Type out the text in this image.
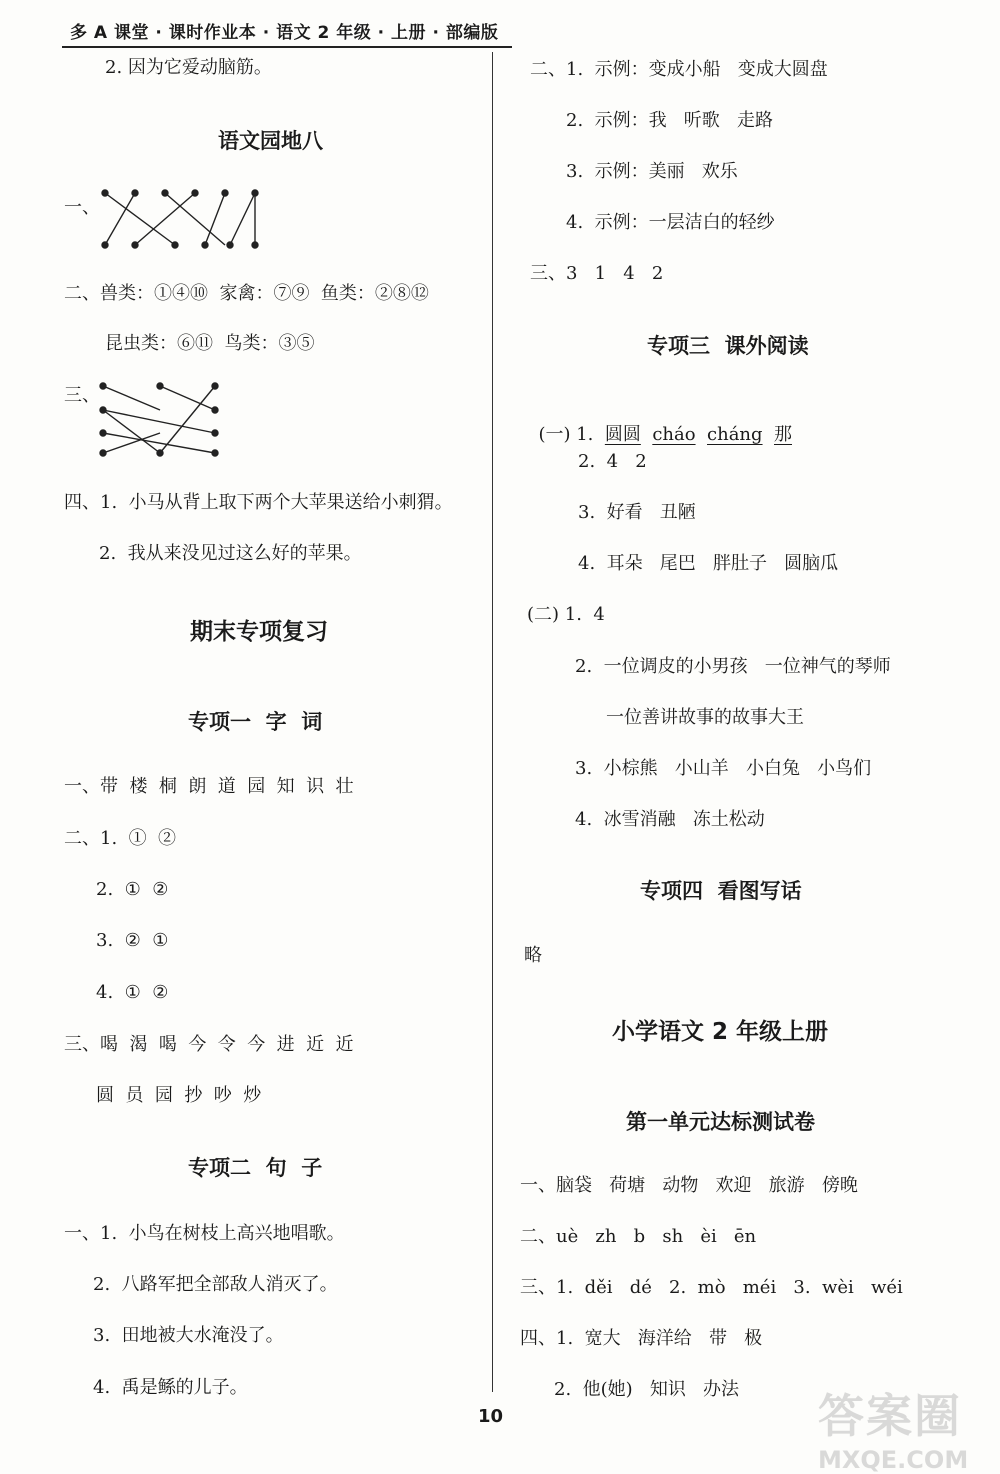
多 A 课堂 · 课时作业本 · 语文 2 年级 · 上册 · 部编版
2. 因为它爱动脑筋。
语文园地八
一、
二、兽类：①④⑩  家禽：⑦⑨  鱼类：②⑧⑫
昆虫类：⑥⑪  鸟类：③⑤
三、
四、1.  小马从背上取下两个大苹果送给小刺猬。
2.  我从来没见过这么好的苹果。
期末专项复习
专项一  字  词
一、带  楼  桐  朗  道  园  知  识  壮
二、1.  ①  ②
2.  ①  ②
3.  ②  ①
4.  ①  ②
三、喝  渴  喝  今  令  今  进  近  近
圆  员  园  抄  吵  炒
专项二  句  子
一、1.  小鸟在树枝上高兴地唱歌。
2.  八路军把全部敌人消灭了。
3.  田地被大水淹没了。
4.  禹是鲧的儿子。
二、1.  示例：变成小船   变成大圆盘
2.  示例：我   听歌   走路
3.  示例：美丽   欢乐
4.  示例：一层洁白的轻纱
三、3   1   4   2
专项三  课外阅读

(一) 1. 圆圆 cháo cháng 那

2.  4   2
3.  好看   丑陋
4.  耳朵   尾巴   胖肚子   圆脑瓜
(二) 1.  4
2.  一位调皮的小男孩   一位神气的琴师
一位善讲故事的故事大王
3.  小棕熊   小山羊   小白兔   小鸟们
4.  冰雪消融   冻土松动
专项四  看图写话
略
小学语文 2 年级上册
第一单元达标测试卷
一、脑袋   荷塘   动物   欢迎   旅游   傍晚
二、uè   zh   b   sh   èi   ēn
三、1.  děi   dé   2.  mò   méi   3.  wèi   wéi
四、1.  宽大   海洋给   带   极
2.  他(她)   知识   办法
10	答案圈
MXQE.COM
